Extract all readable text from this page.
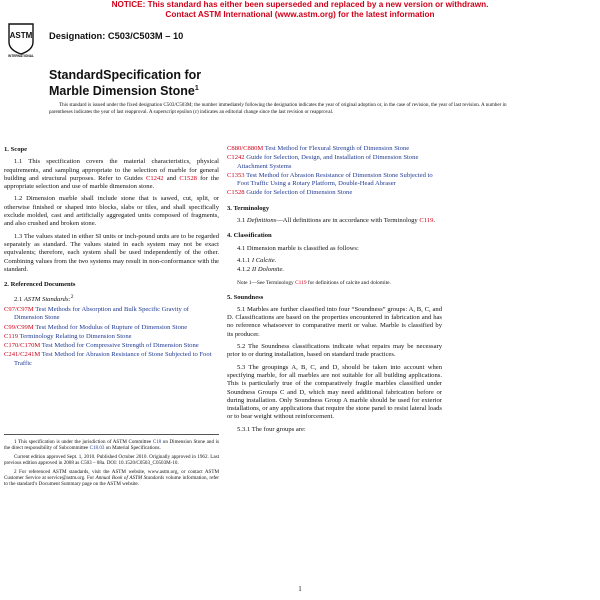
NOTICE: This standard has either been superseded and replaced by a new version or withdrawn.
Contact ASTM International (www.astm.org) for the latest information
ASTM
INTERNATIONAL
Designation: C503/C503M – 10
StandardSpecification for
Marble Dimension Stone$^1$

This standard is issued under the fixed designation C503/C503M; the number immediately following the designation indicates the year of original adoption or, in the case of revision, the year of last revision. A number in parentheses indicates the year of last reapproval. A superscript epsilon (ε) indicates an editorial change since the last revision or reapproval.

1. Scope

1.1 This specification covers the material characteristics, physical requirements, and sampling appropriate to the selection of marble for general building and structural purposes. Refer to Guides C1242 and C1528 for the appropriate selection and use of marble dimension stone.

1.2 Dimension marble shall include stone that is sawed, cut, split, or otherwise finished or shaped into blocks, slabs or tiles, and shall specifically exclude molded, cast and artificially aggregated units composed of fragments, and also crushed and broken stone.

1.3 The values stated in either SI units or inch-pound units are to be regarded separately as standard. The values stated in each system may not be exact equivalents; therefore, each system shall be used independently of the other. Combining values from the two systems may result in non-conformance with the standard.

2. Referenced Documents

2.1 ASTM Standards:$^2$

C97/C97M Test Methods for Absorption and Bulk Specific Gravity of Dimension Stone
C99/C99M Test Method for Modulus of Rupture of Dimension Stone
C119 Terminology Relating to Dimension Stone
C170/C170M Test Method for Compressive Strength of Dimension Stone
C241/C241M Test Method for Abrasion Resistance of Stone Subjected to Foot Traffic

1 This specification is under the jurisdiction of ASTM Committee C18 on Dimension Stone and is the direct responsibility of Subcommittee C18.03 on Material Specifications.

Current edition approved Sept. 1, 2010. Published October 2010. Originally approved in 1962. Last previous edition approved in 2008 as C503 – 08a. DOI: 10.1520/C0503_C0503M-10.

2 For referenced ASTM standards, visit the ASTM website, www.astm.org, or contact ASTM Customer Service at service@astm.org. For Annual Book of ASTM Standards volume information, refer to the standard’s Document Summary page on the ASTM website.

C880/C880M Test Method for Flexural Strength of Dimension Stone
C1242 Guide for Selection, Design, and Installation of Dimension Stone Attachment Systems
C1353 Test Method for Abrasion Resistance of Dimension Stone Subjected to Foot Traffic Using a Rotary Platform, Double-Head Abraser
C1528 Guide for Selection of Dimension Stone
3. Terminology

3.1 Definitions—All definitions are in accordance with Terminology C119.

4. Classification

4.1 Dimension marble is classified as follows:

4.1.1 I Calcite.
4.1.2 II Dolomite.

Note 1—See Terminology C119 for definitions of calcite and dolomite.

5. Soundness

5.1 Marbles are further classified into four “Soundness” groups: A, B, C, and D. Classifications are based on the properties encountered in fabrication and has no reference whatsoever to comparative merit or value. Marble is classified by its producer.

5.2 The Soundness classifications indicate what repairs may be necessary prior to or during installation, based on standard trade practices.

5.3 The groupings A, B, C, and D, should be taken into account when specifying marble, for all marbles are not suitable for all building applications. This is particularly true of the comparatively fragile marbles classified under Soundness Groups C and D, which may need additional fabrication before or during installation. Only Soundness Group A marble should be used for exterior installations, or any applications that require the stone panel to resist lateral loads or to bear weight without reinforcement.

5.3.1 The four groups are:

1
